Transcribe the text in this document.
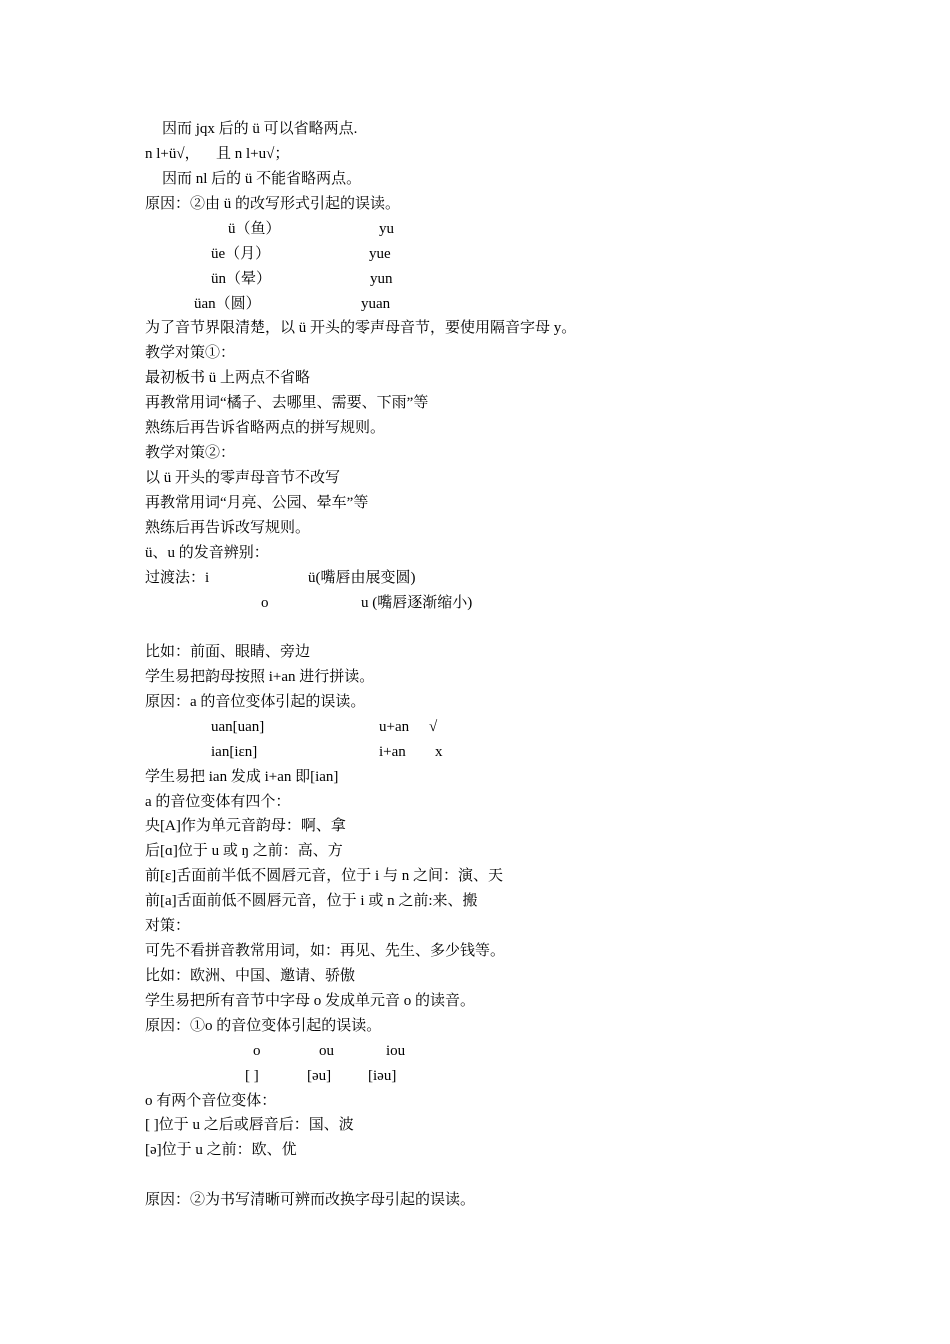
因而 jqx 后的 ü 可以省略两点.
n l+ü√， 且 n l+u√；
因而 nl 后的 ü 不能省略两点。
原因：②由 ü 的改写形式引起的误读。
ü（鱼）	yu
üe（月）	yue
ün（晕）	yun
üan（圆）	yuan
为了音节界限清楚，以 ü 开头的零声母音节，要使用隔音字母 y。
教学对策①：
最初板书 ü 上两点不省略
再教常用词“橘子、去哪里、需要、下雨”等
熟练后再告诉省略两点的拼写规则。
教学对策②：
以 ü 开头的零声母音节不改写
再教常用词“月亮、公园、晕车”等
熟练后再告诉改写规则。
ü、u 的发音辨别：
过渡法：i	ü(嘴唇由展变圆)
o	u (嘴唇逐渐缩小)
比如：前面、眼睛、旁边
学生易把韵母按照 i+an 进行拼读。
原因：a 的音位变体引起的误读。
uan[uan]	u+an √
ian[iɛn]	i+an x
学生易把 ian 发成 i+an 即[ian]
a 的音位变体有四个：
央[A]作为单元音韵母：啊、拿
后[ɑ]位于 u 或 ŋ 之前：高、方
前[ɛ]舌面前半低不圆唇元音，位于 i 与 n 之间：演、天
前[a]舌面前低不圆唇元音，位于 i 或 n 之前:来、搬
对策：
可先不看拼音教常用词，如：再见、先生、多少钱等。
比如：欧洲、中国、邀请、骄傲
学生易把所有音节中字母 o 发成单元音 o 的读音。
原因：①o 的音位变体引起的误读。
o	ou	iou
[ ]	[əu] [iəu]
o 有两个音位变体：
[ ]位于 u 之后或唇音后：国、波
[ə]位于 u 之前：欧、优
原因：②为书写清晰可辨而改换字母引起的误读。
